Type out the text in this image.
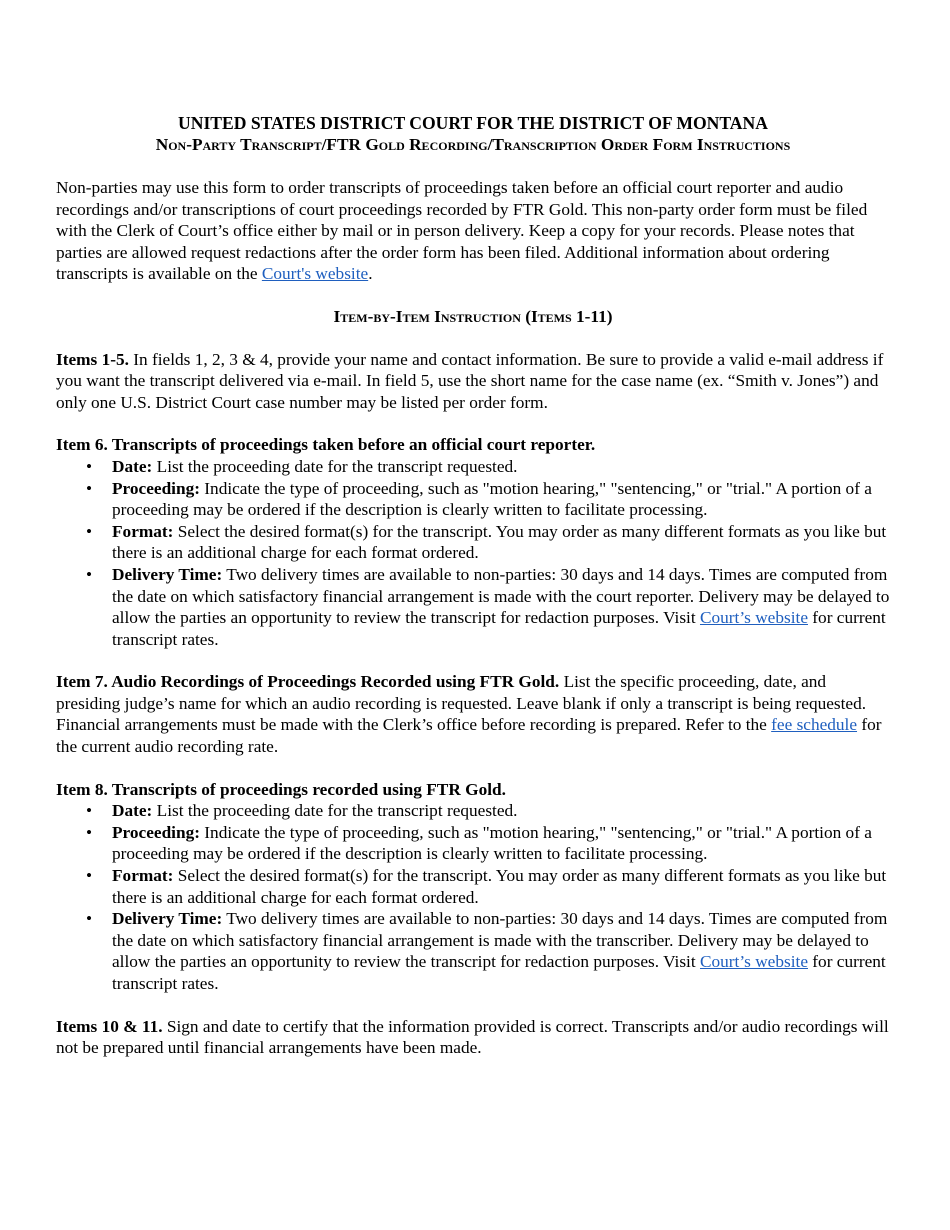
UNITED STATES DISTRICT COURT FOR THE DISTRICT OF MONTANA

Non-Party Transcript/FTR Gold Recording/Transcription Order Form Instructions

Non-parties may use this form to order transcripts of proceedings taken before an official court reporter and audio recordings and/or transcriptions of court proceedings recorded by FTR Gold. This non-party order form must be filed with the Clerk of Court’s office either by mail or in person delivery. Keep a copy for your records. Please notes that parties are allowed request redactions after the order form has been filed. Additional information about ordering transcripts is available on the Court's website.

Item-by-Item Instruction (Items 1-11)

Items 1-5. In fields 1, 2, 3 & 4, provide your name and contact information. Be sure to provide a valid e-mail address if you want the transcript delivered via e-mail. In field 5, use the short name for the case name (ex. “Smith v. Jones”) and only one U.S. District Court case number may be listed per order form.

Item 6. Transcripts of proceedings taken before an official court reporter.

• Date: List the proceeding date for the transcript requested.
• Proceeding: Indicate the type of proceeding, such as "motion hearing," "sentencing," or "trial." A portion of a proceeding may be ordered if the description is clearly written to facilitate processing.
• Format: Select the desired format(s) for the transcript. You may order as many different formats as you like but there is an additional charge for each format ordered.
• Delivery Time: Two delivery times are available to non-parties: 30 days and 14 days. Times are computed from the date on which satisfactory financial arrangement is made with the court reporter. Delivery may be delayed to allow the parties an opportunity to review the transcript for redaction purposes. Visit Court’s website for current transcript rates.

Item 7. Audio Recordings of Proceedings Recorded using FTR Gold. List the specific proceeding, date, and presiding judge’s name for which an audio recording is requested. Leave blank if only a transcript is being requested. Financial arrangements must be made with the Clerk’s office before recording is prepared. Refer to the fee schedule for the current audio recording rate.

Item 8. Transcripts of proceedings recorded using FTR Gold.

• Date: List the proceeding date for the transcript requested.
• Proceeding: Indicate the type of proceeding, such as "motion hearing," "sentencing," or "trial." A portion of a proceeding may be ordered if the description is clearly written to facilitate processing.
• Format: Select the desired format(s) for the transcript. You may order as many different formats as you like but there is an additional charge for each format ordered.
• Delivery Time: Two delivery times are available to non-parties: 30 days and 14 days. Times are computed from the date on which satisfactory financial arrangement is made with the transcriber. Delivery may be delayed to allow the parties an opportunity to review the transcript for redaction purposes. Visit Court’s website for current transcript rates.

Items 10 & 11. Sign and date to certify that the information provided is correct. Transcripts and/or audio recordings will not be prepared until financial arrangements have been made.
